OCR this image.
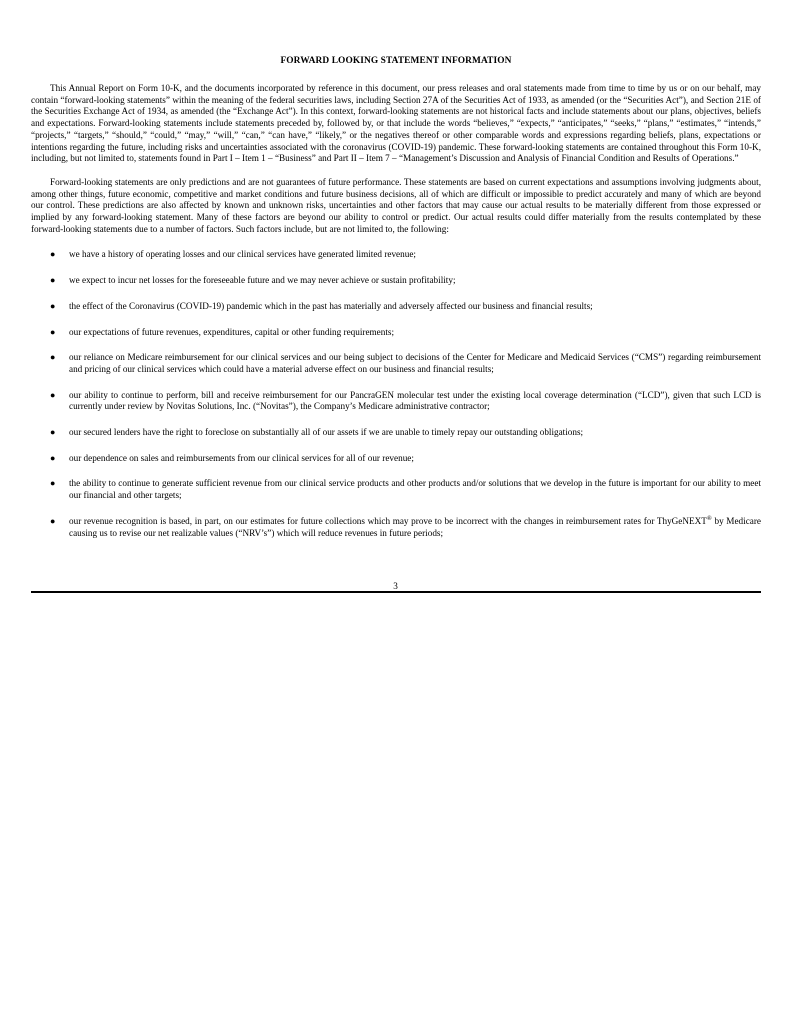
FORWARD LOOKING STATEMENT INFORMATION

This Annual Report on Form 10-K, and the documents incorporated by reference in this document, our press releases and oral statements made from time to time by us or on our behalf, may contain “forward-looking statements” within the meaning of the federal securities laws, including Section 27A of the Securities Act of 1933, as amended (or the “Securities Act”), and Section 21E of the Securities Exchange Act of 1934, as amended (the “Exchange Act”). In this context, forward-looking statements are not historical facts and include statements about our plans, objectives, beliefs and expectations. Forward-looking statements include statements preceded by, followed by, or that include the words “believes,” “expects,” “anticipates,” “seeks,” “plans,” “estimates,” “intends,” “projects,” “targets,” “should,” “could,” “may,” “will,” “can,” “can have,” “likely,” or the negatives thereof or other comparable words and expressions regarding beliefs, plans, expectations or intentions regarding the future, including risks and uncertainties associated with the coronavirus (COVID-19) pandemic. These forward-looking statements are contained throughout this Form 10-K, including, but not limited to, statements found in Part I – Item 1 – “Business” and Part II – Item 7 – “Management’s Discussion and Analysis of Financial Condition and Results of Operations.”

Forward-looking statements are only predictions and are not guarantees of future performance. These statements are based on current expectations and assumptions involving judgments about, among other things, future economic, competitive and market conditions and future business decisions, all of which are difficult or impossible to predict accurately and many of which are beyond our control. These predictions are also affected by known and unknown risks, uncertainties and other factors that may cause our actual results to be materially different from those expressed or implied by any forward-looking statement. Many of these factors are beyond our ability to control or predict. Our actual results could differ materially from the results contemplated by these forward-looking statements due to a number of factors. Such factors include, but are not limited to, the following:

● we have a history of operating losses and our clinical services have generated limited revenue;
● we expect to incur net losses for the foreseeable future and we may never achieve or sustain profitability;
● the effect of the Coronavirus (COVID-19) pandemic which in the past has materially and adversely affected our business and financial results;
● our expectations of future revenues, expenditures, capital or other funding requirements;
● our reliance on Medicare reimbursement for our clinical services and our being subject to decisions of the Center for Medicare and Medicaid Services (“CMS”) regarding reimbursement and pricing of our clinical services which could have a material adverse effect on our business and financial results;
● our ability to continue to perform, bill and receive reimbursement for our PancraGEN molecular test under the existing local coverage determination (“LCD”), given that such LCD is currently under review by Novitas Solutions, Inc. (“Novitas”), the Company’s Medicare administrative contractor;
● our secured lenders have the right to foreclose on substantially all of our assets if we are unable to timely repay our outstanding obligations;
● our dependence on sales and reimbursements from our clinical services for all of our revenue;
● the ability to continue to generate sufficient revenue from our clinical service products and other products and/or solutions that we develop in the future is important for our ability to meet our financial and other targets;
● our revenue recognition is based, in part, on our estimates for future collections which may prove to be incorrect with the changes in reimbursement rates for ThyGeNEXT® by Medicare causing us to revise our net realizable values (“NRV’s”) which will reduce revenues in future periods;
3
